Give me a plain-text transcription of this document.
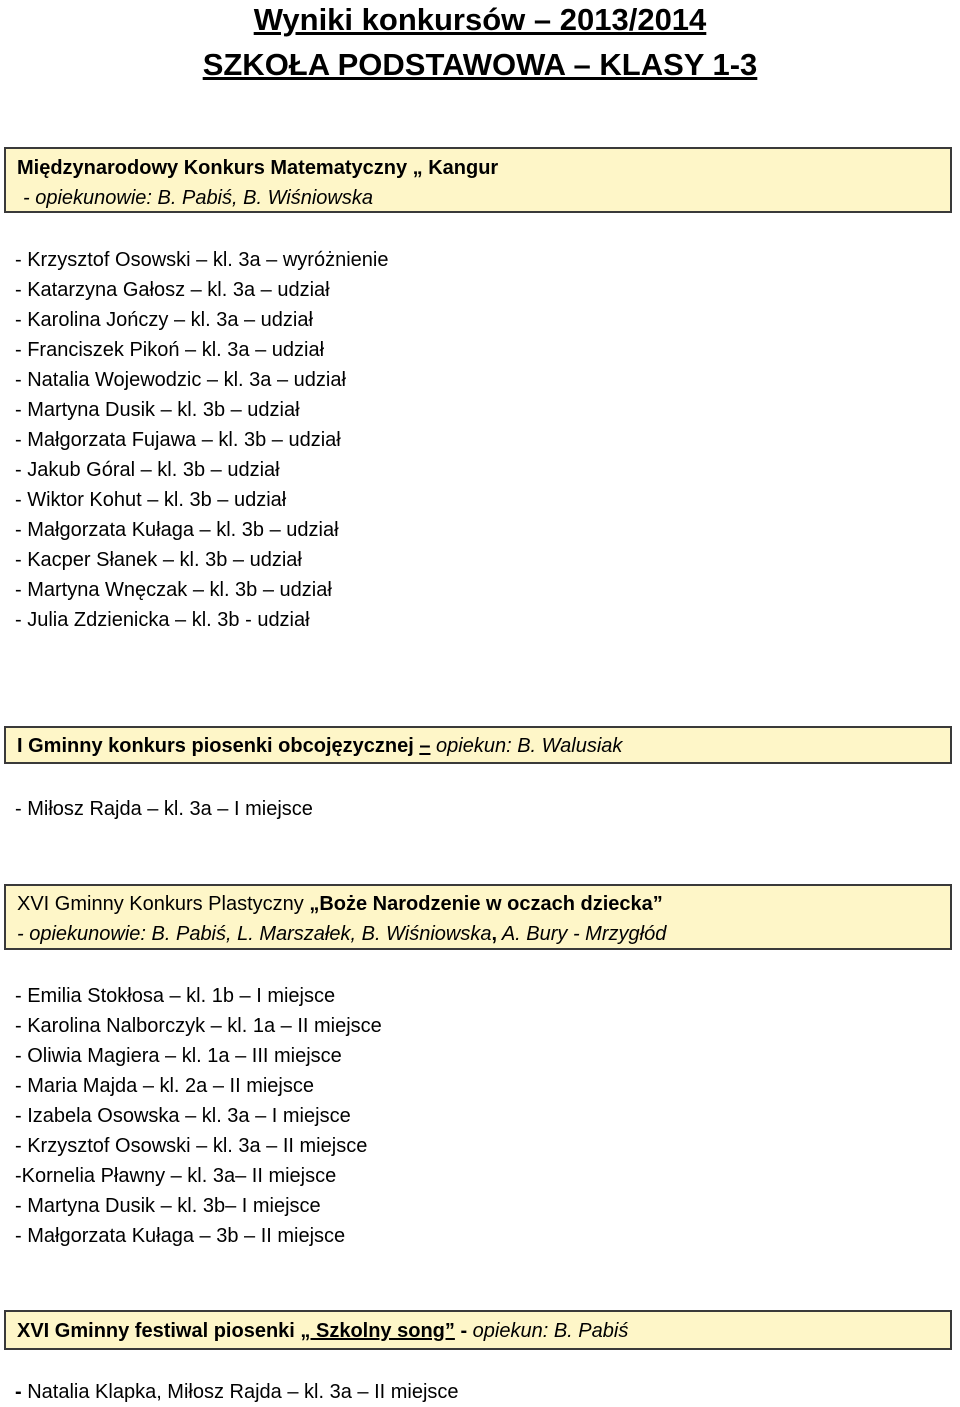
Wyniki konkursów – 2013/2014
SZKOŁA PODSTAWOWA – KLASY 1-3
Międzynarodowy Konkurs Matematyczny „ Kangur
- opiekunowie: B. Pabiś, B. Wiśniowska
- Krzysztof Osowski – kl. 3a – wyróżnienie
- Katarzyna Gałosz – kl. 3a – udział
- Karolina Jończy – kl. 3a – udział
- Franciszek Pikoń – kl. 3a – udział
- Natalia Wojewodzic – kl. 3a – udział
- Martyna Dusik – kl. 3b – udział
- Małgorzata Fujawa – kl. 3b – udział
- Jakub Góral – kl. 3b – udział
- Wiktor Kohut – kl. 3b – udział
- Małgorzata Kułaga – kl. 3b – udział
- Kacper Słanek – kl. 3b – udział
- Martyna Wnęczak – kl. 3b – udział
- Julia Zdzienicka – kl. 3b - udział
I Gminny konkurs piosenki obcojęzycznej – opiekun: B. Walusiak
- Miłosz Rajda – kl. 3a – I miejsce
XVI Gminny Konkurs Plastyczny „Boże Narodzenie w oczach dziecka”
- opiekunowie: B. Pabiś, L. Marszałek, B. Wiśniowska, A. Bury - Mrzygłód
- Emilia Stokłosa – kl. 1b – I miejsce
- Karolina Nalborczyk – kl. 1a – II miejsce
- Oliwia Magiera – kl. 1a – III miejsce
- Maria Majda – kl. 2a – II miejsce
- Izabela Osowska – kl. 3a – I miejsce
- Krzysztof Osowski – kl. 3a – II miejsce
-Kornelia Pławny – kl. 3a– II miejsce
- Martyna Dusik – kl. 3b– I miejsce
- Małgorzata Kułaga – 3b – II miejsce
XVI Gminny festiwal piosenki „ Szkolny song” - opiekun: B. Pabiś
- Natalia Klapka, Miłosz Rajda – kl. 3a – II miejsce
